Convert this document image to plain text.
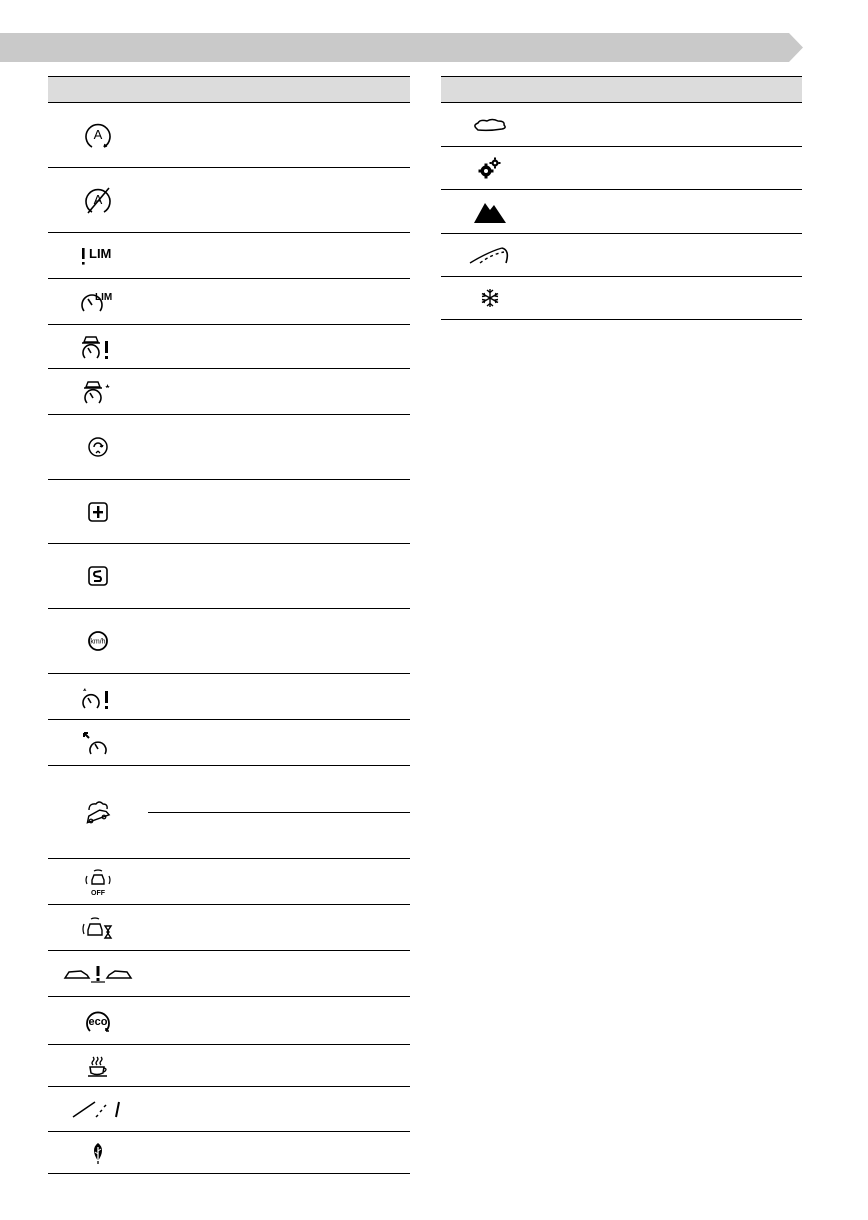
A
A
LIM
LIM
km/h
OFF
eco
